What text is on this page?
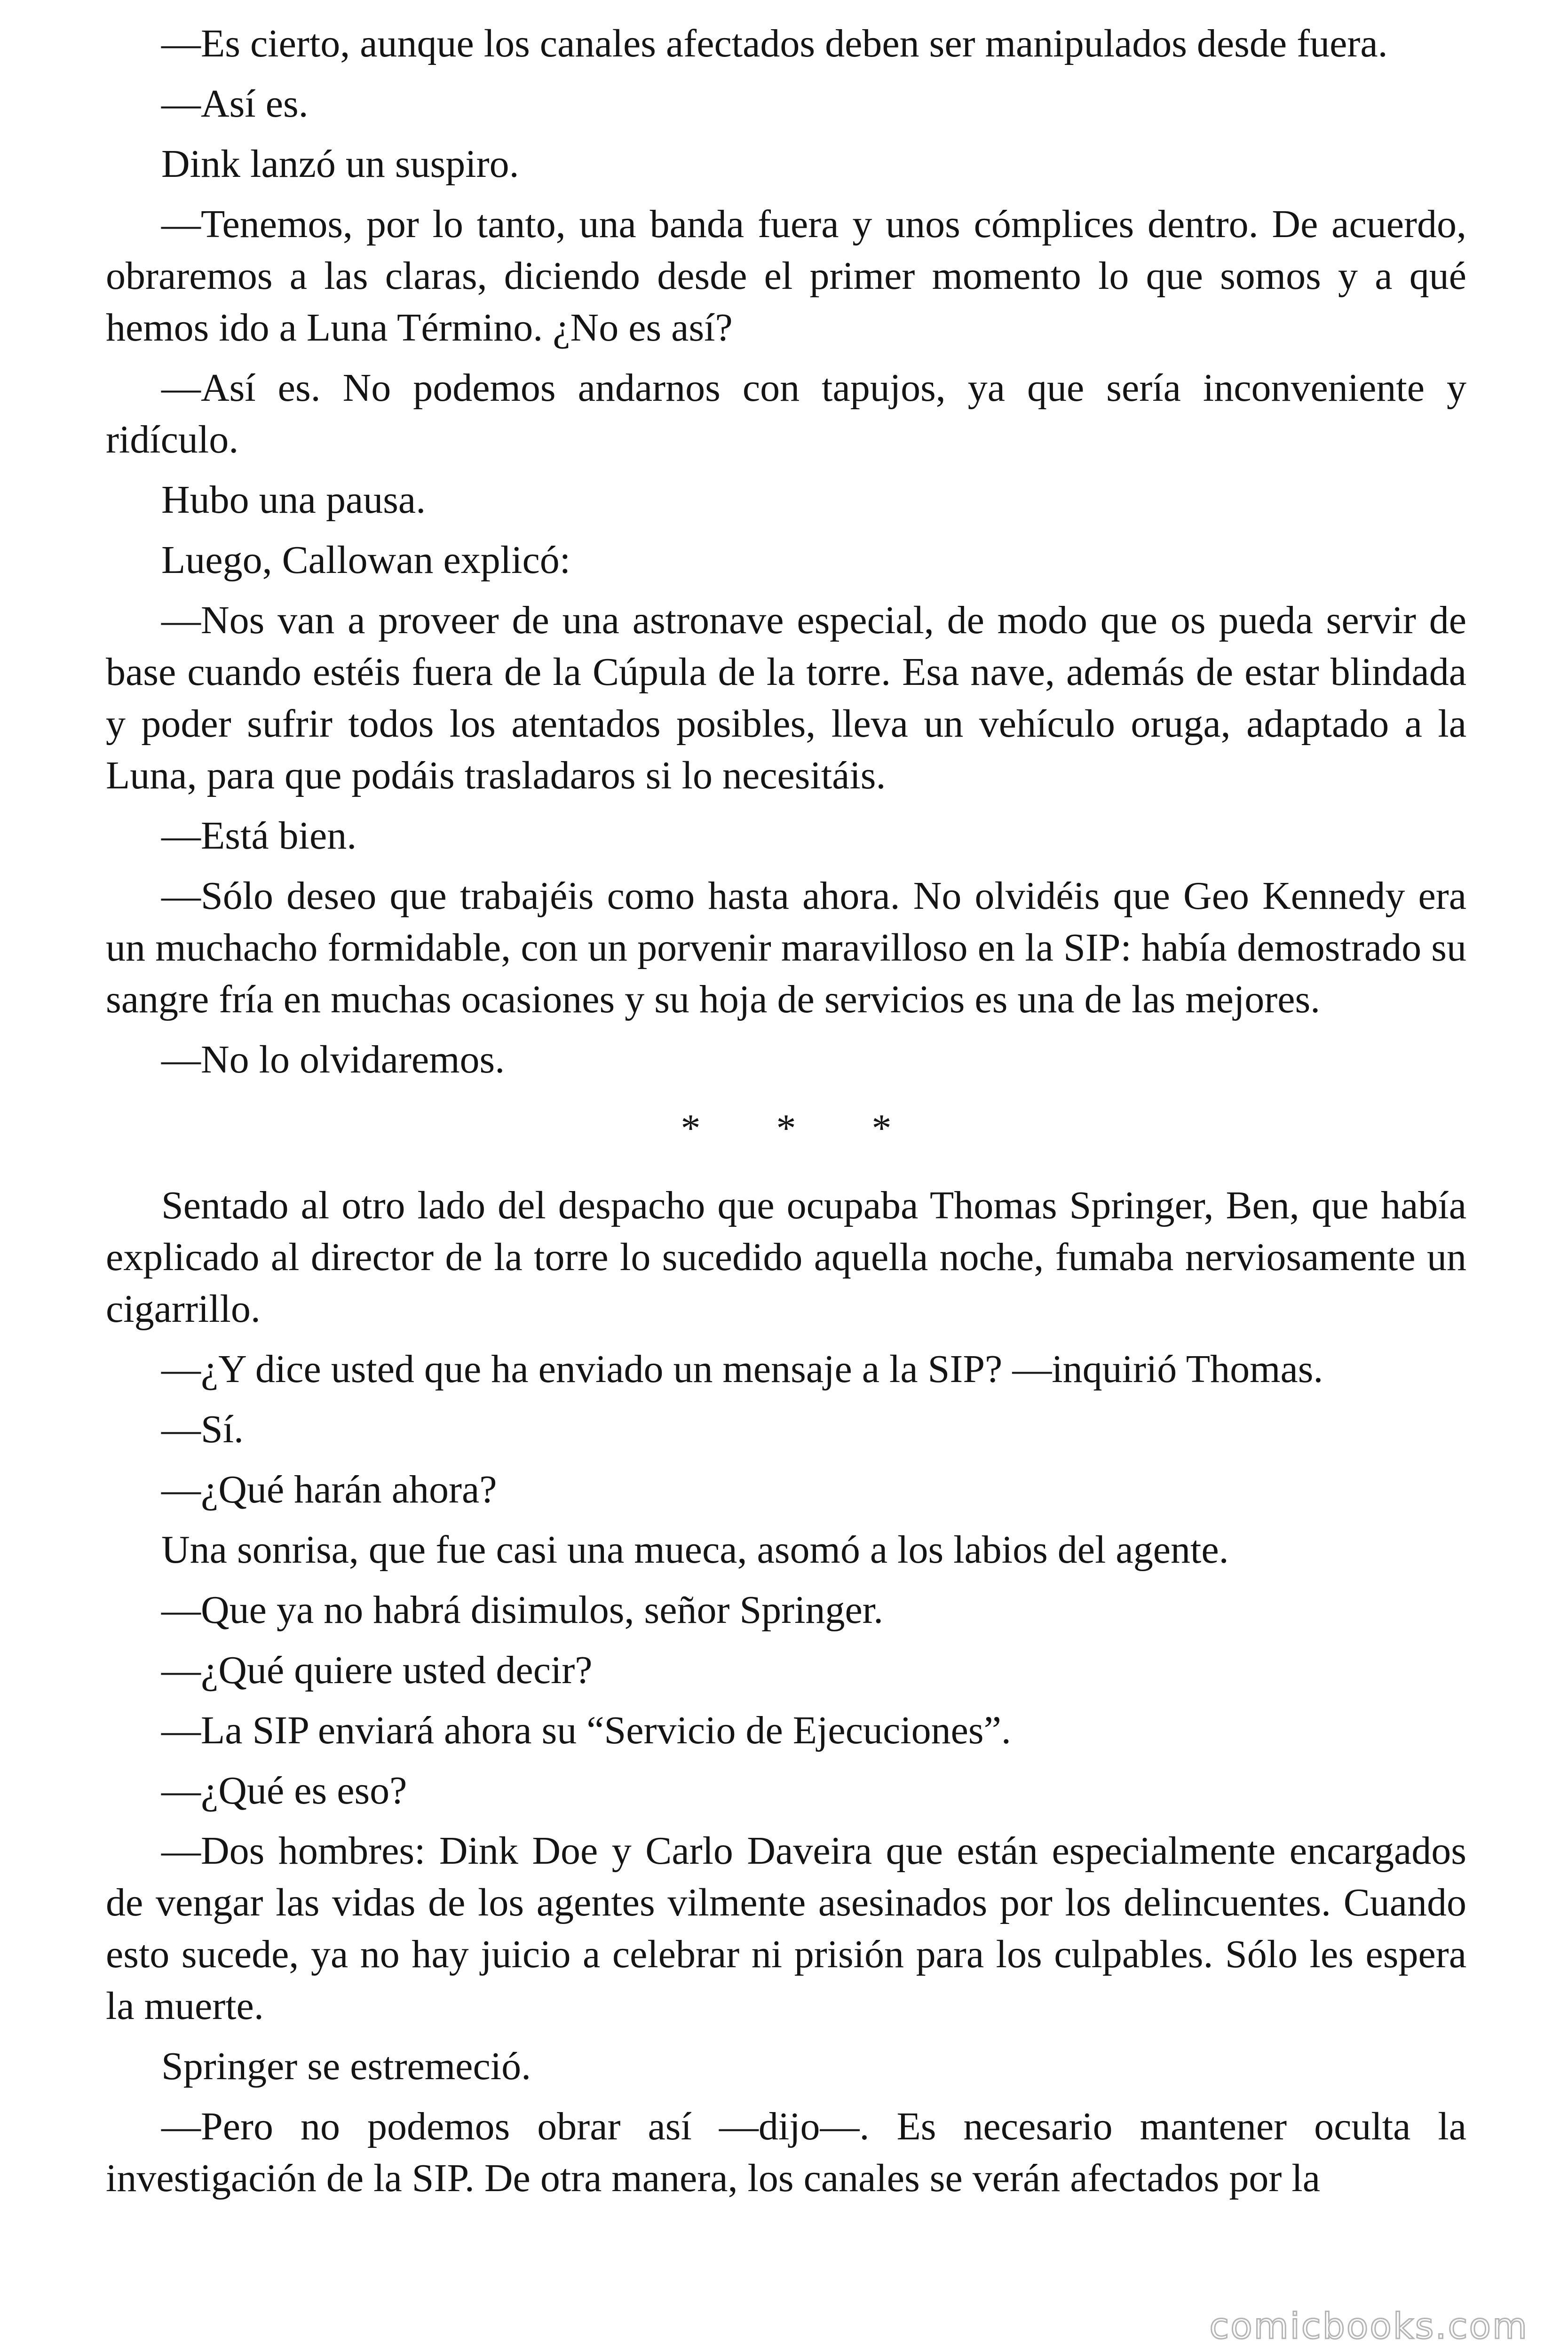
—Es cierto, aunque los canales afectados deben ser manipulados desde fuera.

—Así es.

Dink lanzó un suspiro.

—Tenemos, por lo tanto, una banda fuera y unos cómplices dentro. De acuerdo, obraremos a las claras, diciendo desde el primer momento lo que somos y a qué hemos ido a Luna Término. ¿No es así?

—Así es. No podemos andarnos con tapujos, ya que sería inconveniente y ridículo.

Hubo una pausa.

Luego, Callowan explicó:

—Nos van a proveer de una astronave especial, de modo que os pueda servir de base cuando estéis fuera de la Cúpula de la torre. Esa nave, además de estar blindada y poder sufrir todos los atentados posibles, lleva un vehículo oruga, adaptado a la Luna, para que podáis trasladaros si lo necesitáis.

—Está bien.

—Sólo deseo que trabajéis como hasta ahora. No olvidéis que Geo Kennedy era un muchacho formidable, con un porvenir maravilloso en la SIP: había demostrado su sangre fría en muchas ocasiones y su hoja de servicios es una de las mejores.

—No lo olvidaremos.

* * *

Sentado al otro lado del despacho que ocupaba Thomas Springer, Ben, que había explicado al director de la torre lo sucedido aquella noche, fumaba nerviosamente un cigarrillo.

—¿Y dice usted que ha enviado un mensaje a la SIP? —inquirió Thomas.

—Sí.

—¿Qué harán ahora?

Una sonrisa, que fue casi una mueca, asomó a los labios del agente.

—Que ya no habrá disimulos, señor Springer.

—¿Qué quiere usted decir?

—La SIP enviará ahora su “Servicio de Ejecuciones”.

—¿Qué es eso?

—Dos hombres: Dink Doe y Carlo Daveira que están especialmente encargados de vengar las vidas de los agentes vilmente asesinados por los delincuentes. Cuando esto sucede, ya no hay juicio a celebrar ni prisión para los culpables. Sólo les espera la muerte.

Springer se estremeció.

—Pero no podemos obrar así —dijo—. Es necesario mantener oculta la investigación de la SIP. De otra manera, los canales se verán afectados por la

comicbooks.com
